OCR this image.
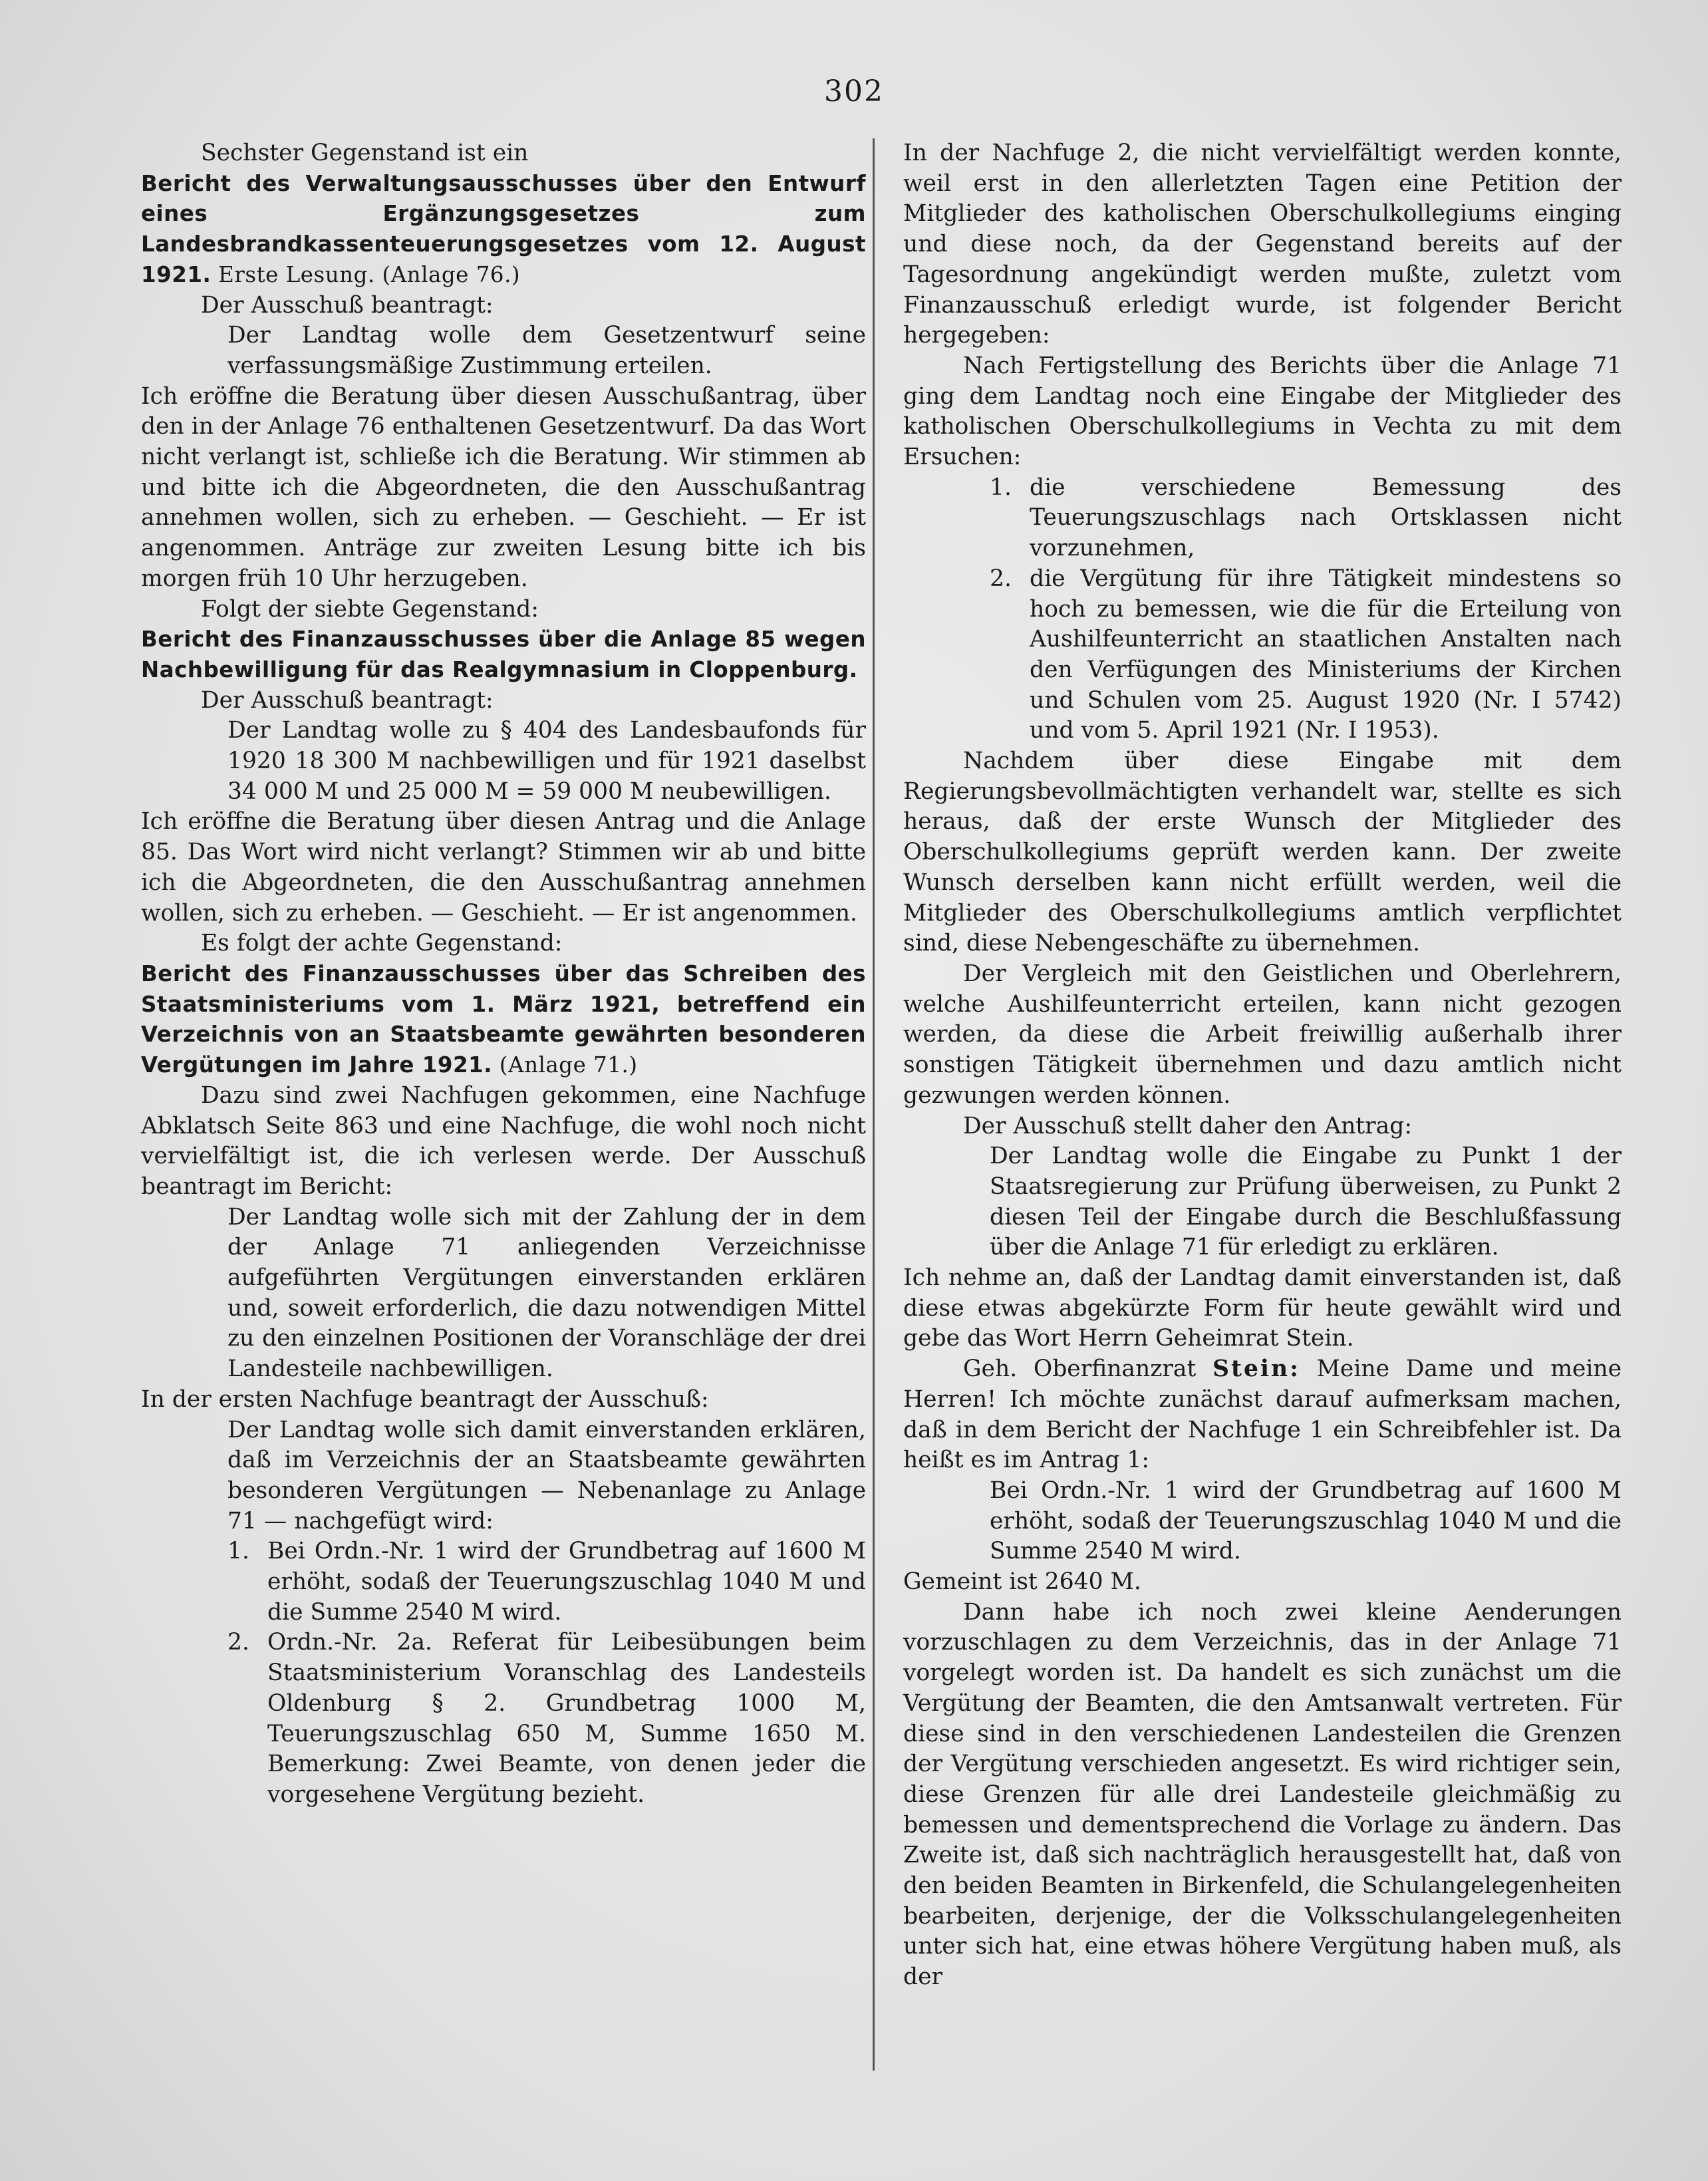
302

Sechster Gegenstand ist ein

Bericht des Verwaltungsausschusses über den Entwurf eines Ergänzungsgesetzes zum Landesbrandkassenteuerungsgesetzes vom 12. August 1921. Erste Lesung. (Anlage 76.)

Der Ausschuß beantragt:

Der Landtag wolle dem Gesetzentwurf seine verfassungsmäßige Zustimmung erteilen.

Ich eröffne die Beratung über diesen Ausschußantrag, über den in der Anlage 76 enthaltenen Gesetzentwurf. Da das Wort nicht verlangt ist, schließe ich die Beratung. Wir stimmen ab und bitte ich die Abgeordneten, die den Ausschußantrag annehmen wollen, sich zu erheben. — Geschieht. — Er ist angenommen. Anträge zur zweiten Lesung bitte ich bis morgen früh 10 Uhr herzugeben.

Folgt der siebte Gegenstand:

Bericht des Finanzausschusses über die Anlage 85 wegen Nachbewilligung für das Realgymnasium in Cloppenburg.

Der Ausschuß beantragt:

Der Landtag wolle zu § 404 des Landesbaufonds für 1920 18 300 M nachbewilligen und für 1921 daselbst 34 000 M und 25 000 M = 59 000 M neubewilligen.

Ich eröffne die Beratung über diesen Antrag und die Anlage 85. Das Wort wird nicht verlangt? Stimmen wir ab und bitte ich die Abgeordneten, die den Ausschußantrag annehmen wollen, sich zu erheben. — Geschieht. — Er ist angenommen.

Es folgt der achte Gegenstand:

Bericht des Finanzausschusses über das Schreiben des Staatsministeriums vom 1. März 1921, betreffend ein Verzeichnis von an Staatsbeamte gewährten besonderen Vergütungen im Jahre 1921. (Anlage 71.)

Dazu sind zwei Nachfugen gekommen, eine Nachfuge Abklatsch Seite 863 und eine Nachfuge, die wohl noch nicht vervielfältigt ist, die ich verlesen werde. Der Ausschuß beantragt im Bericht:

Der Landtag wolle sich mit der Zahlung der in dem der Anlage 71 anliegenden Verzeichnisse aufgeführten Vergütungen einverstanden erklären und, soweit erforderlich, die dazu notwendigen Mittel zu den einzelnen Positionen der Voranschläge der drei Landesteile nachbewilligen.

In der ersten Nachfuge beantragt der Ausschuß:

Der Landtag wolle sich damit einverstanden erklären, daß im Verzeichnis der an Staatsbeamte gewährten besonderen Vergütungen — Nebenanlage zu Anlage 71 — nachgefügt wird:

1. Bei Ordn.-Nr. 1 wird der Grundbetrag auf 1600 M erhöht, sodaß der Teuerungszuschlag 1040 M und die Summe 2540 M wird.
2. Ordn.-Nr. 2a. Referat für Leibesübungen beim Staatsministerium Voranschlag des Landesteils Oldenburg § 2. Grundbetrag 1000 M, Teuerungszuschlag 650 M, Summe 1650 M. Bemerkung: Zwei Beamte, von denen jeder die vorgesehene Vergütung bezieht.

In der Nachfuge 2, die nicht vervielfältigt werden konnte, weil erst in den allerletzten Tagen eine Petition der Mitglieder des katholischen Oberschulkollegiums einging und diese noch, da der Gegenstand bereits auf der Tagesordnung angekündigt werden mußte, zuletzt vom Finanzausschuß erledigt wurde, ist folgender Bericht hergegeben:

Nach Fertigstellung des Berichts über die Anlage 71 ging dem Landtag noch eine Eingabe der Mitglieder des katholischen Oberschulkollegiums in Vechta zu mit dem Ersuchen:

1. die verschiedene Bemessung des Teuerungszuschlags nach Ortsklassen nicht vorzunehmen,
2. die Vergütung für ihre Tätigkeit mindestens so hoch zu bemessen, wie die für die Erteilung von Aushilfeunterricht an staatlichen Anstalten nach den Verfügungen des Ministeriums der Kirchen und Schulen vom 25. August 1920 (Nr. I 5742) und vom 5. April 1921 (Nr. I 1953).

Nachdem über diese Eingabe mit dem Regierungsbevollmächtigten verhandelt war, stellte es sich heraus, daß der erste Wunsch der Mitglieder des Oberschulkollegiums geprüft werden kann. Der zweite Wunsch derselben kann nicht erfüllt werden, weil die Mitglieder des Oberschulkollegiums amtlich verpflichtet sind, diese Nebengeschäfte zu übernehmen.

Der Vergleich mit den Geistlichen und Oberlehrern, welche Aushilfeunterricht erteilen, kann nicht gezogen werden, da diese die Arbeit freiwillig außerhalb ihrer sonstigen Tätigkeit übernehmen und dazu amtlich nicht gezwungen werden können.

Der Ausschuß stellt daher den Antrag:

Der Landtag wolle die Eingabe zu Punkt 1 der Staatsregierung zur Prüfung überweisen, zu Punkt 2 diesen Teil der Eingabe durch die Beschlußfassung über die Anlage 71 für erledigt zu erklären.

Ich nehme an, daß der Landtag damit einverstanden ist, daß diese etwas abgekürzte Form für heute gewählt wird und gebe das Wort Herrn Geheimrat Stein.

Geh. Oberfinanzrat Stein: Meine Dame und meine Herren! Ich möchte zunächst darauf aufmerksam machen, daß in dem Bericht der Nachfuge 1 ein Schreibfehler ist. Da heißt es im Antrag 1:

Bei Ordn.-Nr. 1 wird der Grundbetrag auf 1600 M erhöht, sodaß der Teuerungszuschlag 1040 M und die Summe 2540 M wird.

Gemeint ist 2640 M.

Dann habe ich noch zwei kleine Aenderungen vorzuschlagen zu dem Verzeichnis, das in der Anlage 71 vorgelegt worden ist. Da handelt es sich zunächst um die Vergütung der Beamten, die den Amtsanwalt vertreten. Für diese sind in den verschiedenen Landesteilen die Grenzen der Vergütung verschieden angesetzt. Es wird richtiger sein, diese Grenzen für alle drei Landesteile gleichmäßig zu bemessen und dementsprechend die Vorlage zu ändern. Das Zweite ist, daß sich nachträglich herausgestellt hat, daß von den beiden Beamten in Birkenfeld, die Schulangelegenheiten bearbeiten, derjenige, der die Volksschulangelegenheiten unter sich hat, eine etwas höhere Vergütung haben muß, als der
